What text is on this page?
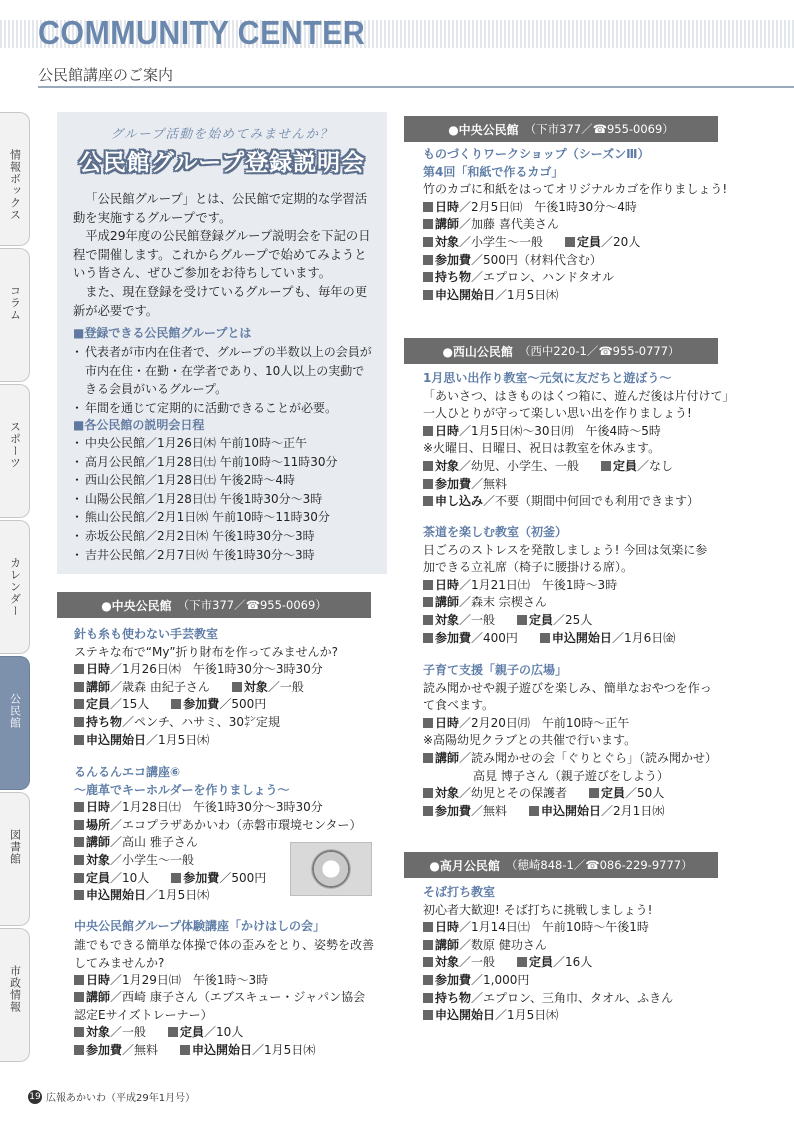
COMMUNITY CENTER
公民館講座のご案内
情報ボックス
コラム
スポーツ
カレンダー
公民館
図書館
市政情報
グループ活動を始めてみませんか？
公民館グループ登録説明会

「公民館グループ」とは、公民館で定期的な学習活動を実施するグループです。

平成29年度の公民館登録グループ説明会を下記の日程で開催します。これからグループで始めてみようという皆さん、ぜひご参加をお待ちしています。

また、現在登録を受けているグループも、毎年の更新が必要です。

■ 登録できる公民館グループとは
・ 代表者が市内在住者で、グループの半数以上の会員が市内在住・在勤・在学者であり、10人以上の実動できる会員がいるグループ。
・ 年間を通じて定期的に活動できることが必要。
■ 各公民館の説明会日程
・ 中央公民館／1月26日㈭ 午前10時～正午
・ 高月公民館／1月28日㈯ 午前10時～11時30分
・ 西山公民館／1月28日㈯ 午後2時～4時
・ 山陽公民館／1月28日㈯ 午後1時30分～3時
・ 熊山公民館／2月1日㈬ 午前10時～11時30分
・ 赤坂公民館／2月2日㈭ 午後1時30分～3時
・ 吉井公民館／2月7日㈫ 午後1時30分～3時
●中央公民館 （下市377／☎955-0069）
針も糸も使わない手芸教室
ステキな布で“My”折り財布を作ってみませんか?
日時／1月26日㈭　午後1時30分～3時30分
講師／歳森 由紀子さん	対象／一般
定員／15人	参加費／500円
持ち物／ペンチ、ハサミ、30㌢定規
申込開始日／1月5日㈭
るんるんエコ講座⑥
～鹿革でキーホルダーを作りましょう～
日時／1月28日㈯　午後1時30分～3時30分
場所／エコプラザあかいわ（赤磐市環境センター）
講師／高山 雅子さん
対象／小学生～一般
定員／10人	参加費／500円
申込開始日／1月5日㈭
中央公民館グループ体験講座「かけはしの会」
誰でもできる簡単な体操で体の歪みをとり、姿勢を改善してみませんか?
日時／1月29日㈰　午後1時～3時
講師／西崎 康子さん（エブスキュー・ジャパン協会
認定Eサイズトレーナー）
対象／一般	定員／10人
参加費／無料	申込開始日／1月5日㈭
●中央公民館 （下市377／☎955-0069）
ものづくりワークショップ（シーズンⅢ）
第4回「和紙で作るカゴ」
竹のカゴに和紙をはってオリジナルカゴを作りましょう!
日時／2月5日㈰　午後1時30分～4時
講師／加藤 喜代美さん
対象／小学生～一般	定員／20人
参加費／500円（材料代含む）
持ち物／エプロン、ハンドタオル
申込開始日／1月5日㈭
●西山公民館 （西中220-1／☎955-0777）
1月思い出作り教室～元気に友だちと遊ぼう～
「あいさつ、はきものはくつ箱に、遊んだ後は片付けて」
一人ひとりが守って楽しい思い出を作りましょう!
日時／1月5日㈭～30日㈪　午後4時～5時
※火曜日、日曜日、祝日は教室を休みます。
対象／幼児、小学生、一般	定員／なし
参加費／無料
申し込み／不要（期間中何回でも利用できます）
茶道を楽しむ教室（初釜）
日ごろのストレスを発散しましょう! 今回は気楽に参
加できる立礼席（椅子に腰掛ける席）。
日時／1月21日㈯　午後1時～3時
講師／森末 宗楔さん
対象／一般	定員／25人
参加費／400円	申込開始日／1月6日㈮
子育て支援「親子の広場」
読み聞かせや親子遊びを楽しみ、簡単なおやつを作っ
て食べます。
日時／2月20日㈪　午前10時～正午
※高陽幼児クラブとの共催で行います。
講師／読み聞かせの会「ぐりとぐら」（読み聞かせ）
高見 博子さん（親子遊びをしよう）
対象／幼児とその保護者	定員／50人
参加費／無料	申込開始日／2月1日㈬
●高月公民館 （穂崎848-1／☎086-229-9777）
そば打ち教室
初心者大歓迎! そば打ちに挑戦しましょう!
日時／1月14日㈯　午前10時～午後1時
講師／数原 健功さん
対象／一般	定員／16人
参加費／1,000円
持ち物／エプロン、三角巾、タオル、ふきん
申込開始日／1月5日㈭
19 広報あかいわ（平成29年1月号）
